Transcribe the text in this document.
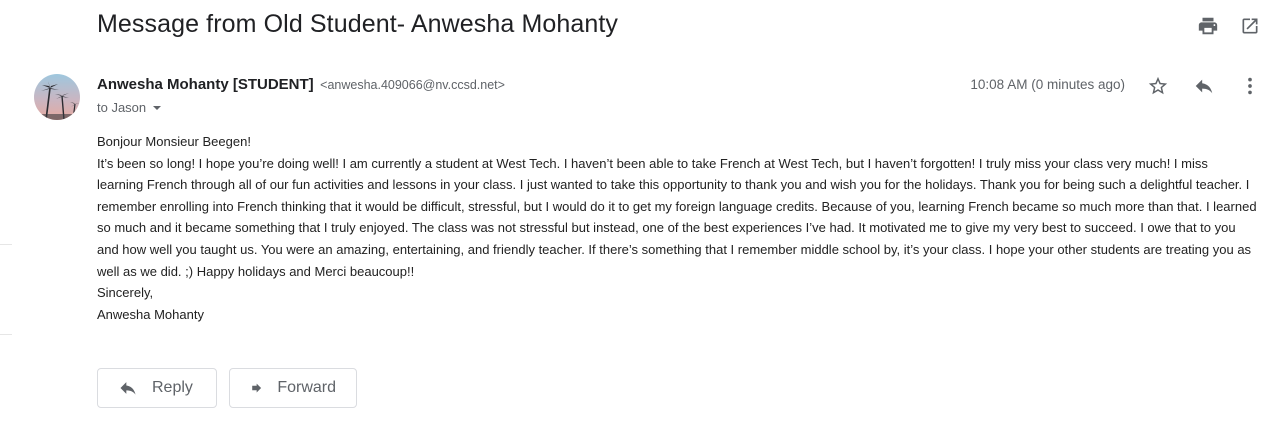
Message from Old Student- Anwesha Mohanty
Anwesha Mohanty [STUDENT] <anwesha.409066@nv.ccsd.net>
to Jason
10:08 AM (0 minutes ago)

Bonjour Monsieur Beegen!

It’s been so long! I hope you’re doing well! I am currently a student at West Tech. I haven’t been able to take French at West Tech, but I haven’t forgotten! I truly miss your class very much! I miss learning French through all of our fun activities and lessons in your class. I just wanted to take this opportunity to thank you and wish you for the holidays. Thank you for being such a delightful teacher. I remember enrolling into French thinking that it would be difficult, stressful, but I would do it to get my foreign language credits. Because of you, learning French became so much more than that. I learned so much and it became something that I truly enjoyed. The class was not stressful but instead, one of the best experiences I’ve had. It motivated me to give my very best to succeed. I owe that to you and how well you taught us. You were an amazing, entertaining, and friendly teacher. If there’s something that I remember middle school by, it’s your class. I hope your other students are treating you as well as we did. ;) Happy holidays and Merci beaucoup!!

Sincerely,

Anwesha Mohanty

Reply	Forward
